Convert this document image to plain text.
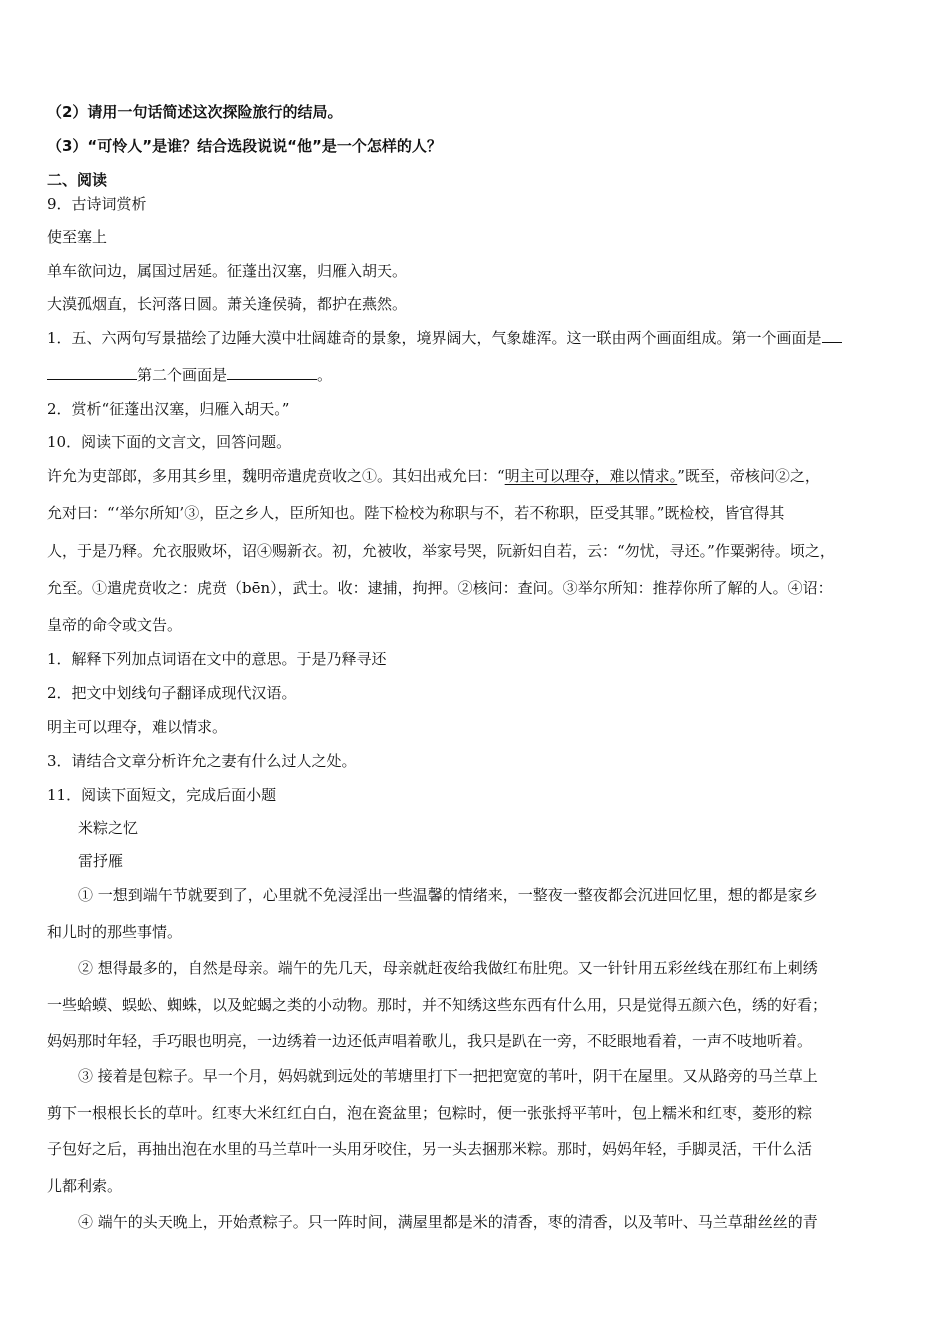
（2）请用一句话简述这次探险旅行的结局。
（3）“可怜人”是谁？结合选段说说“他”是一个怎样的人？
二、阅读
9．古诗词赏析
使至塞上
单车欲问边，属国过居延。征蓬出汉塞，归雁入胡天。
大漠孤烟直，长河落日圆。萧关逢侯骑，都护在燕然。
1．五、六两句写景描绘了边陲大漠中壮阔雄奇的景象，境界阔大，气象雄浑。这一联由两个画面组成。第一个画面是
第二个画面是	。
2．赏析“征蓬出汉塞，归雁入胡天。”
10．阅读下面的文言文，回答问题。
许允为吏部郎，多用其乡里，魏明帝遣虎贲收之①。其妇出戒允曰：“明主可以理夺，难以情求。”既至，帝核问②之，
允对曰：“‘举尔所知’③，臣之乡人，臣所知也。陛下检校为称职与不，若不称职，臣受其罪。”既检校，皆官得其
人，于是乃释。允衣服败坏，诏④赐新衣。初，允被收，举家号哭，阮新妇自若，云：“勿忧，寻还。”作粟粥待。顷之，
允至。①遣虎贲收之：虎贲（bēn），武士。收：逮捕，拘押。②核问：查问。③举尔所知：推荐你所了解的人。④诏：
皇帝的命令或文告。
1．解释下列加点词语在文中的意思。于是乃释寻还
2．把文中划线句子翻译成现代汉语。
明主可以理夺，难以情求。
3．请结合文章分析许允之妻有什么过人之处。
11．阅读下面短文，完成后面小题
米粽之忆
雷抒雁
① 一想到端午节就要到了，心里就不免浸淫出一些温馨的情绪来，一整夜一整夜都会沉进回忆里，想的都是家乡
和儿时的那些事情。
② 想得最多的，自然是母亲。端午的先几天，母亲就赶夜给我做红布肚兜。又一针针用五彩丝线在那红布上刺绣
一些蛤蟆、蜈蚣、蜘蛛，以及蛇蝎之类的小动物。那时，并不知绣这些东西有什么用，只是觉得五颜六色，绣的好看；
妈妈那时年轻，手巧眼也明亮，一边绣着一边还低声唱着歌儿，我只是趴在一旁，不眨眼地看着，一声不吱地听着。
③ 接着是包粽子。早一个月，妈妈就到远处的苇塘里打下一把把宽宽的苇叶，阴干在屋里。又从路旁的马兰草上
剪下一根根长长的草叶。红枣大米红红白白，泡在瓷盆里；包粽时，便一张张捋平苇叶，包上糯米和红枣，菱形的粽
子包好之后，再抽出泡在水里的马兰草叶一头用牙咬住，另一头去捆那米粽。那时，妈妈年轻，手脚灵活，干什么活
儿都利索。
④ 端午的头天晚上，开始煮粽子。只一阵时间，满屋里都是米的清香，枣的清香，以及苇叶、马兰草甜丝丝的青
